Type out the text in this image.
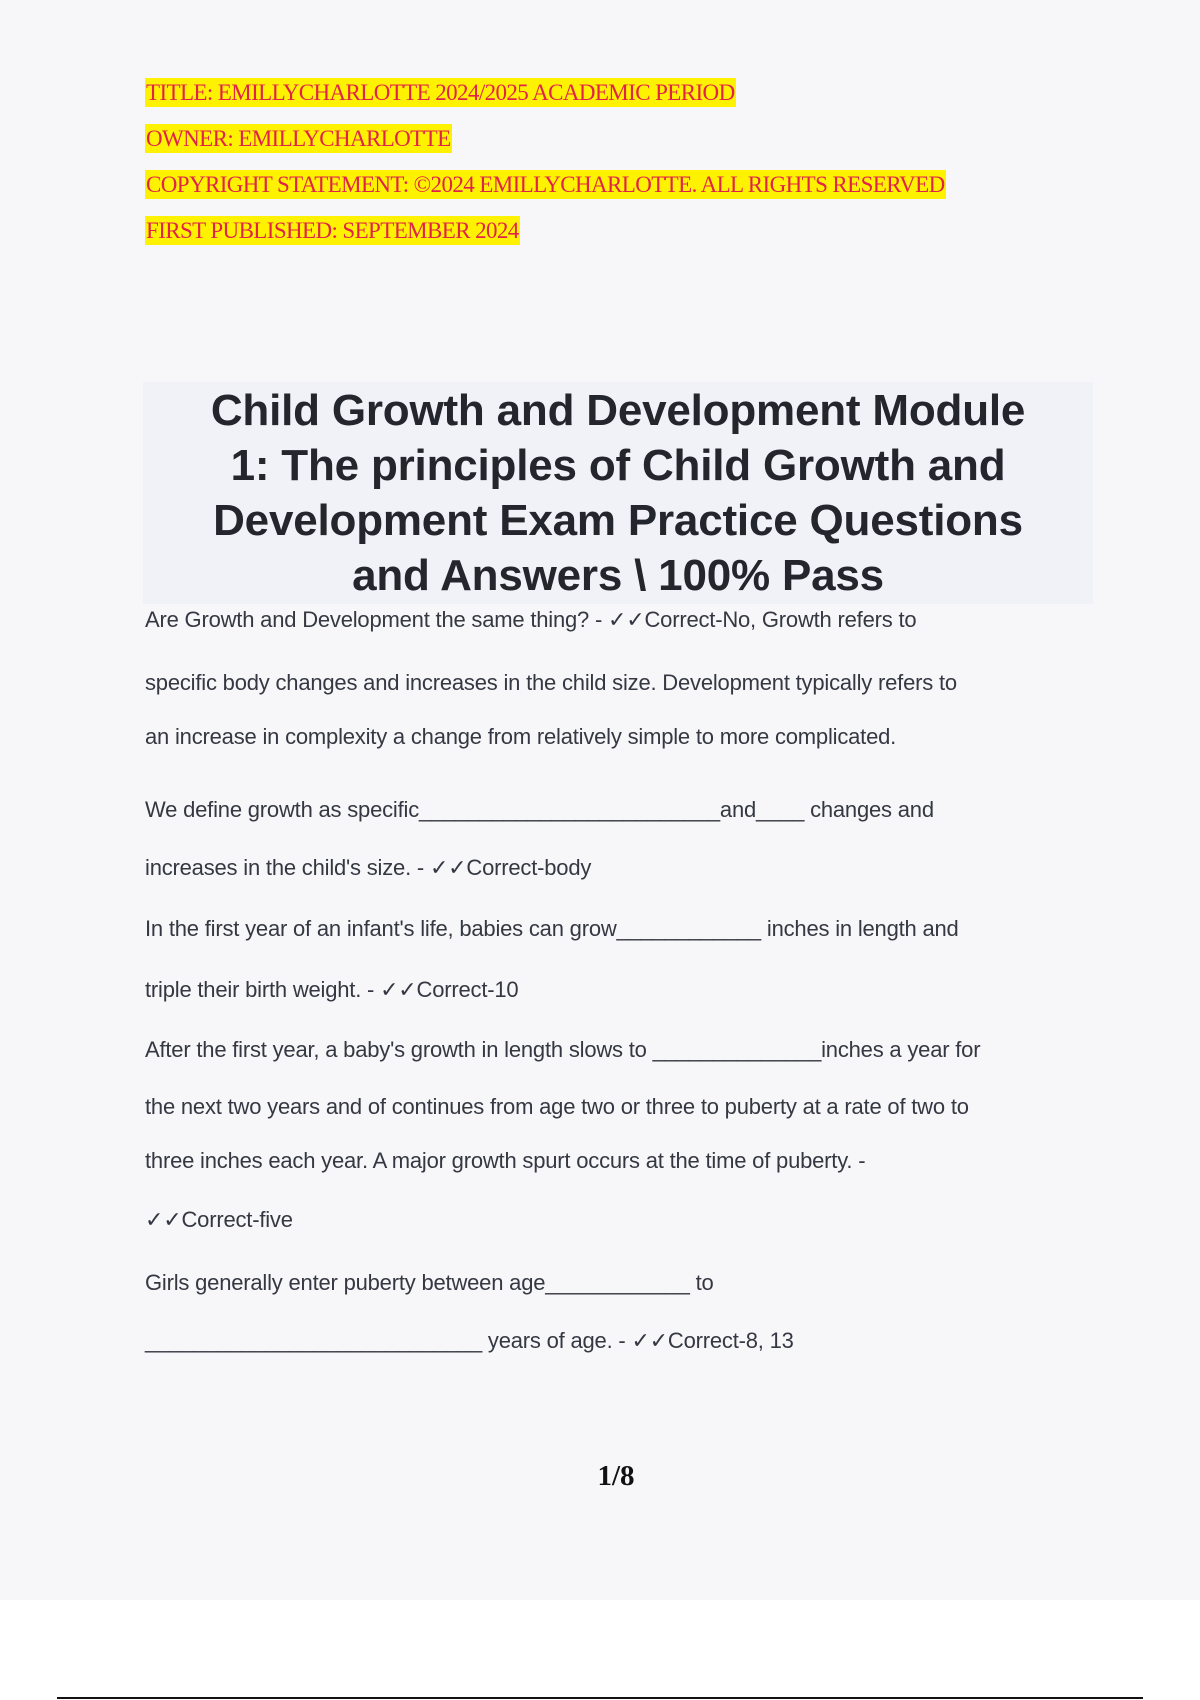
TITLE: EMILLYCHARLOTTE 2024/2025 ACADEMIC PERIOD
OWNER: EMILLYCHARLOTTE
COPYRIGHT STATEMENT: ©2024 EMILLYCHARLOTTE. ALL RIGHTS RESERVED
FIRST PUBLISHED: SEPTEMBER 2024
Child Growth and Development Module
1: The principles of Child Growth and
Development Exam Practice Questions
and Answers \ 100% Pass
Are Growth and Development the same thing? - ✓✓Correct-No, Growth refers to
specific body changes and increases in the child size. Development typically refers to
an increase in complexity a change from relatively simple to more complicated.
We define growth as specific_________________________and____ changes and
increases in the child's size. - ✓✓Correct-body
In the first year of an infant's life, babies can grow____________ inches in length and
triple their birth weight. - ✓✓Correct-10
After the first year, a baby's growth in length slows to ______________inches a year for
the next two years and of continues from age two or three to puberty at a rate of two to
three inches each year. A major growth spurt occurs at the time of puberty. -
✓✓Correct-five
Girls generally enter puberty between age____________ to
____________________________ years of age. - ✓✓Correct-8, 13
1/8
